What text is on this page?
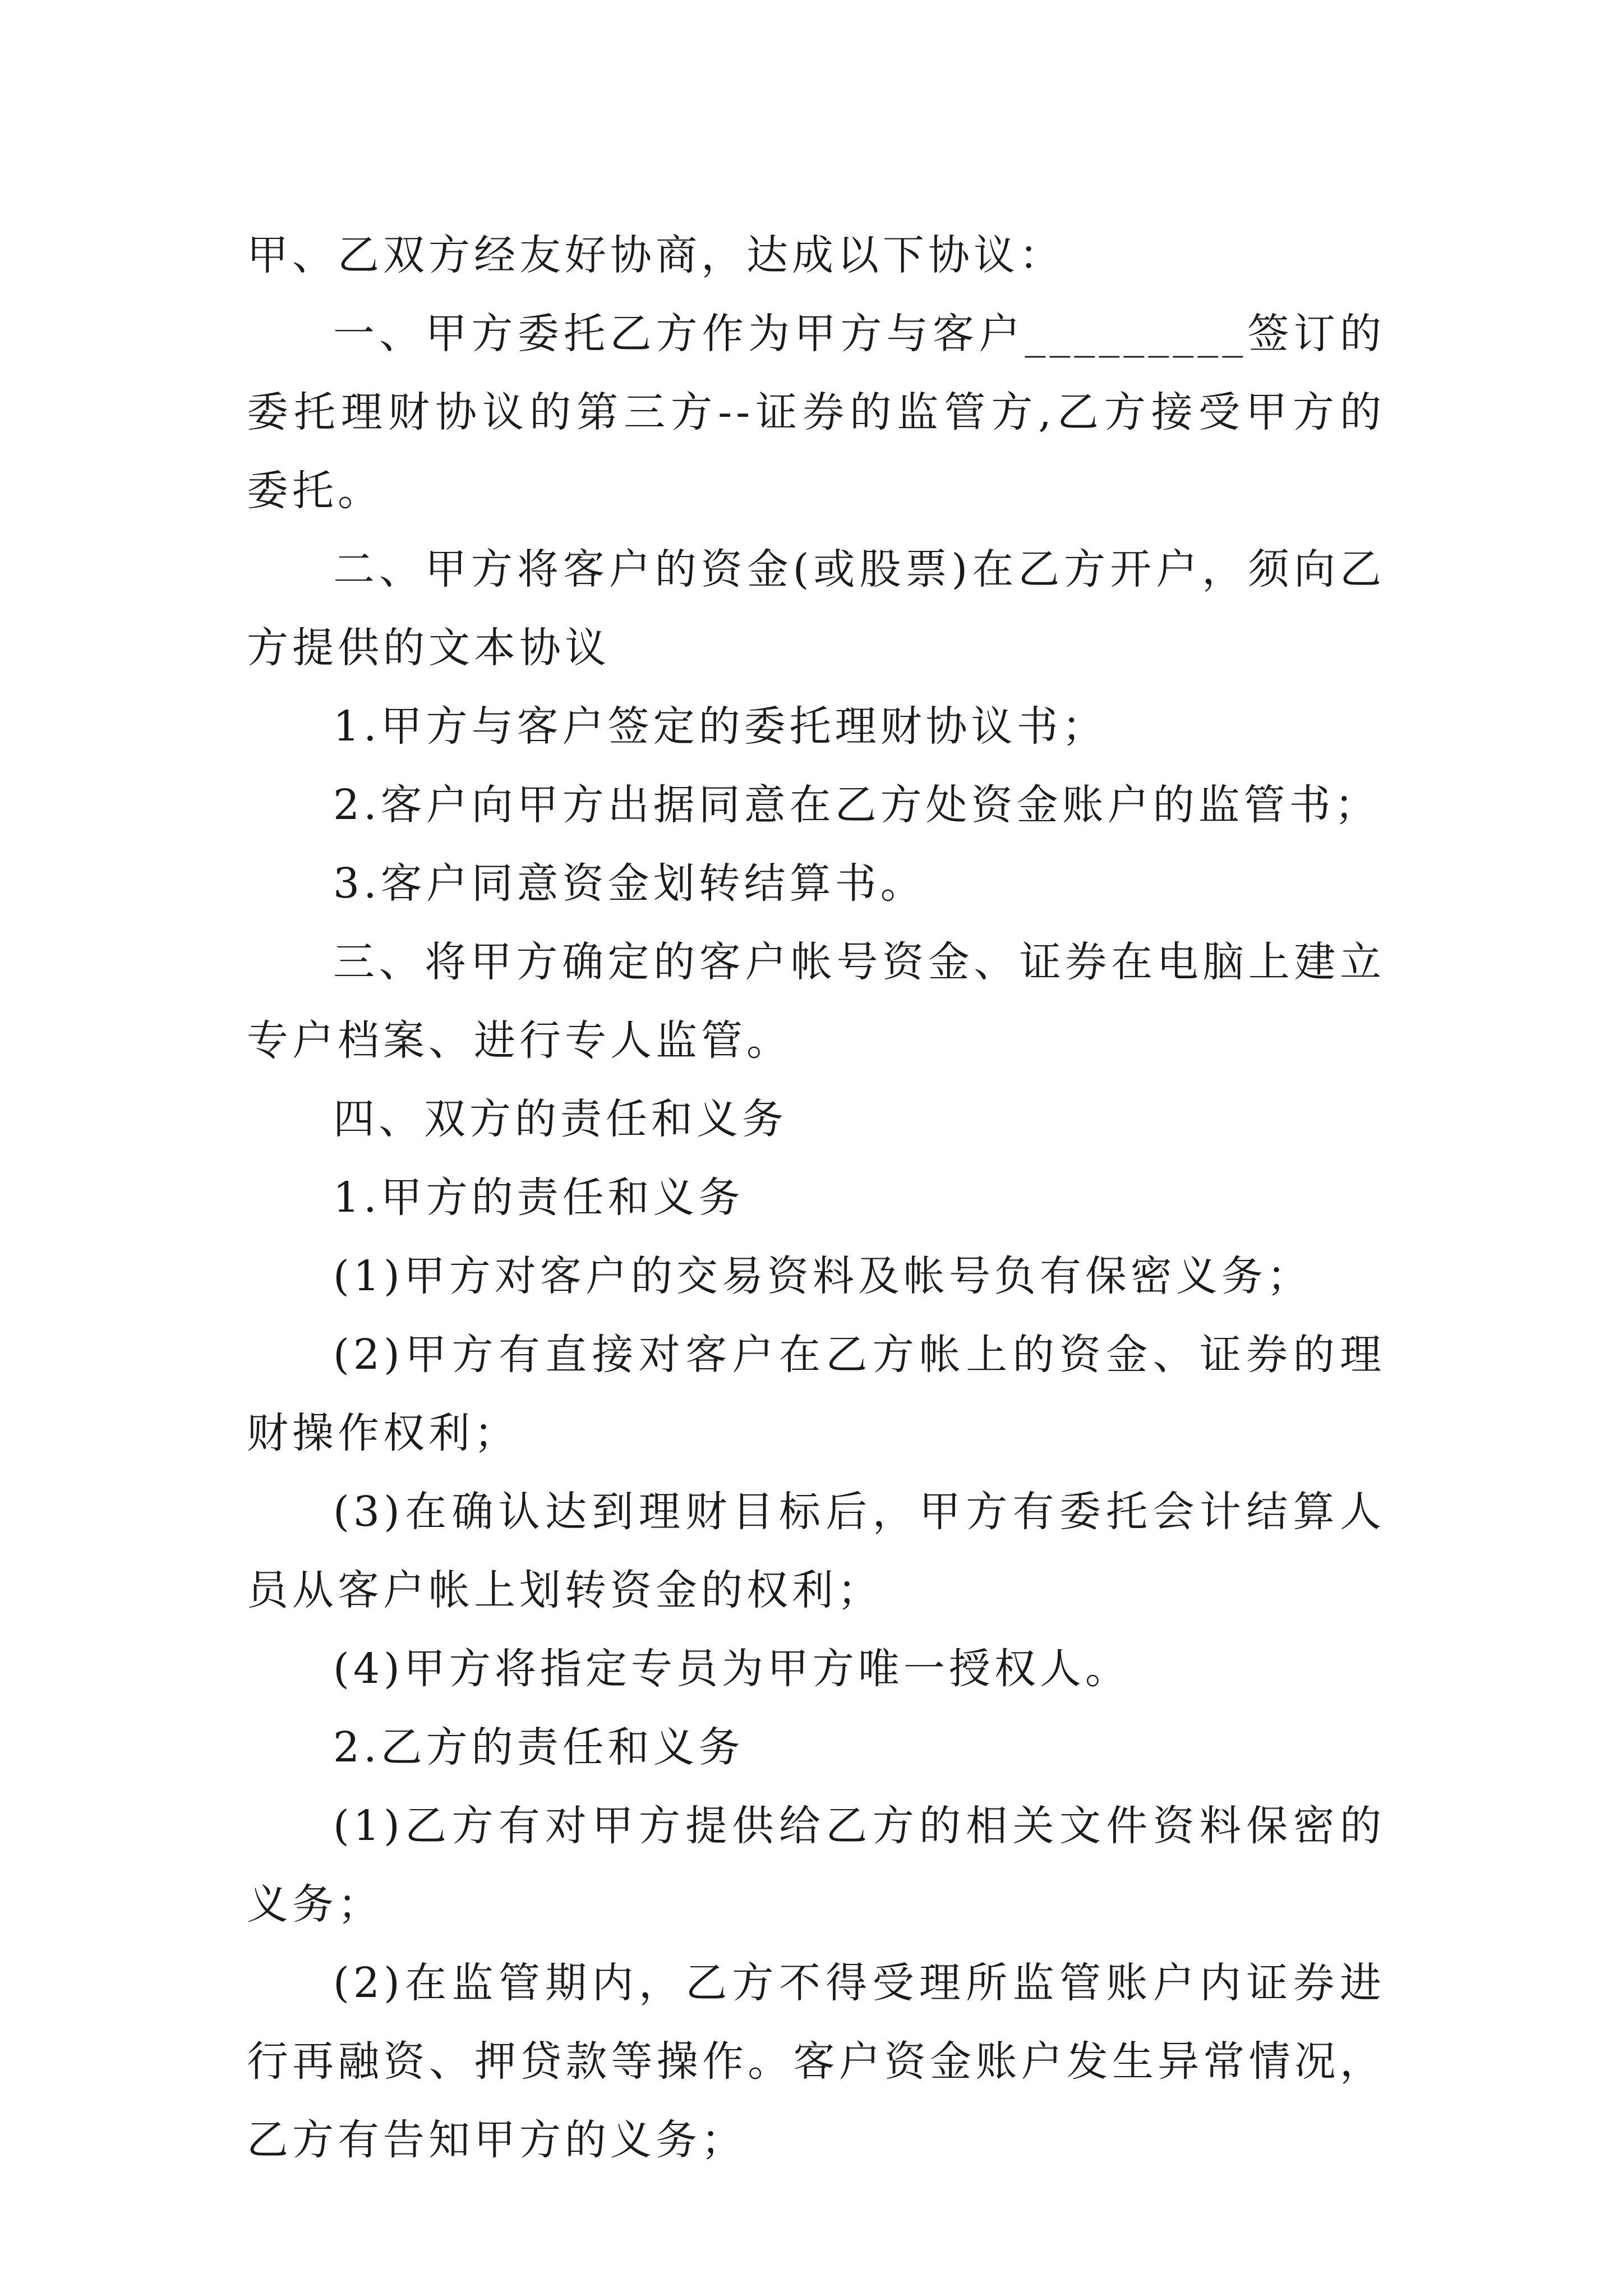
甲、乙双方经友好协商，达成以下协议：

一、甲方委托乙方作为甲方与客户_________签订的委托理财协议的第三方--证券的监管方,乙方接受甲方的委托。

二、甲方将客户的资金(或股票)在乙方开户，须向乙方提供的文本协议

1.甲方与客户签定的委托理财协议书；

2.客户向甲方出据同意在乙方处资金账户的监管书；

3.客户同意资金划转结算书。

三、将甲方确定的客户帐号资金、证券在电脑上建立专户档案、进行专人监管。

四、双方的责任和义务

1.甲方的责任和义务

(1)甲方对客户的交易资料及帐号负有保密义务；

(2)甲方有直接对客户在乙方帐上的资金、证券的理财操作权利；

(3)在确认达到理财目标后，甲方有委托会计结算人员从客户帐上划转资金的权利；

(4)甲方将指定专员为甲方唯一授权人。

2.乙方的责任和义务

(1)乙方有对甲方提供给乙方的相关文件资料保密的义务；

(2)在监管期内，乙方不得受理所监管账户内证券进行再融资、押贷款等操作。客户资金账户发生异常情况，乙方有告知甲方的义务；
